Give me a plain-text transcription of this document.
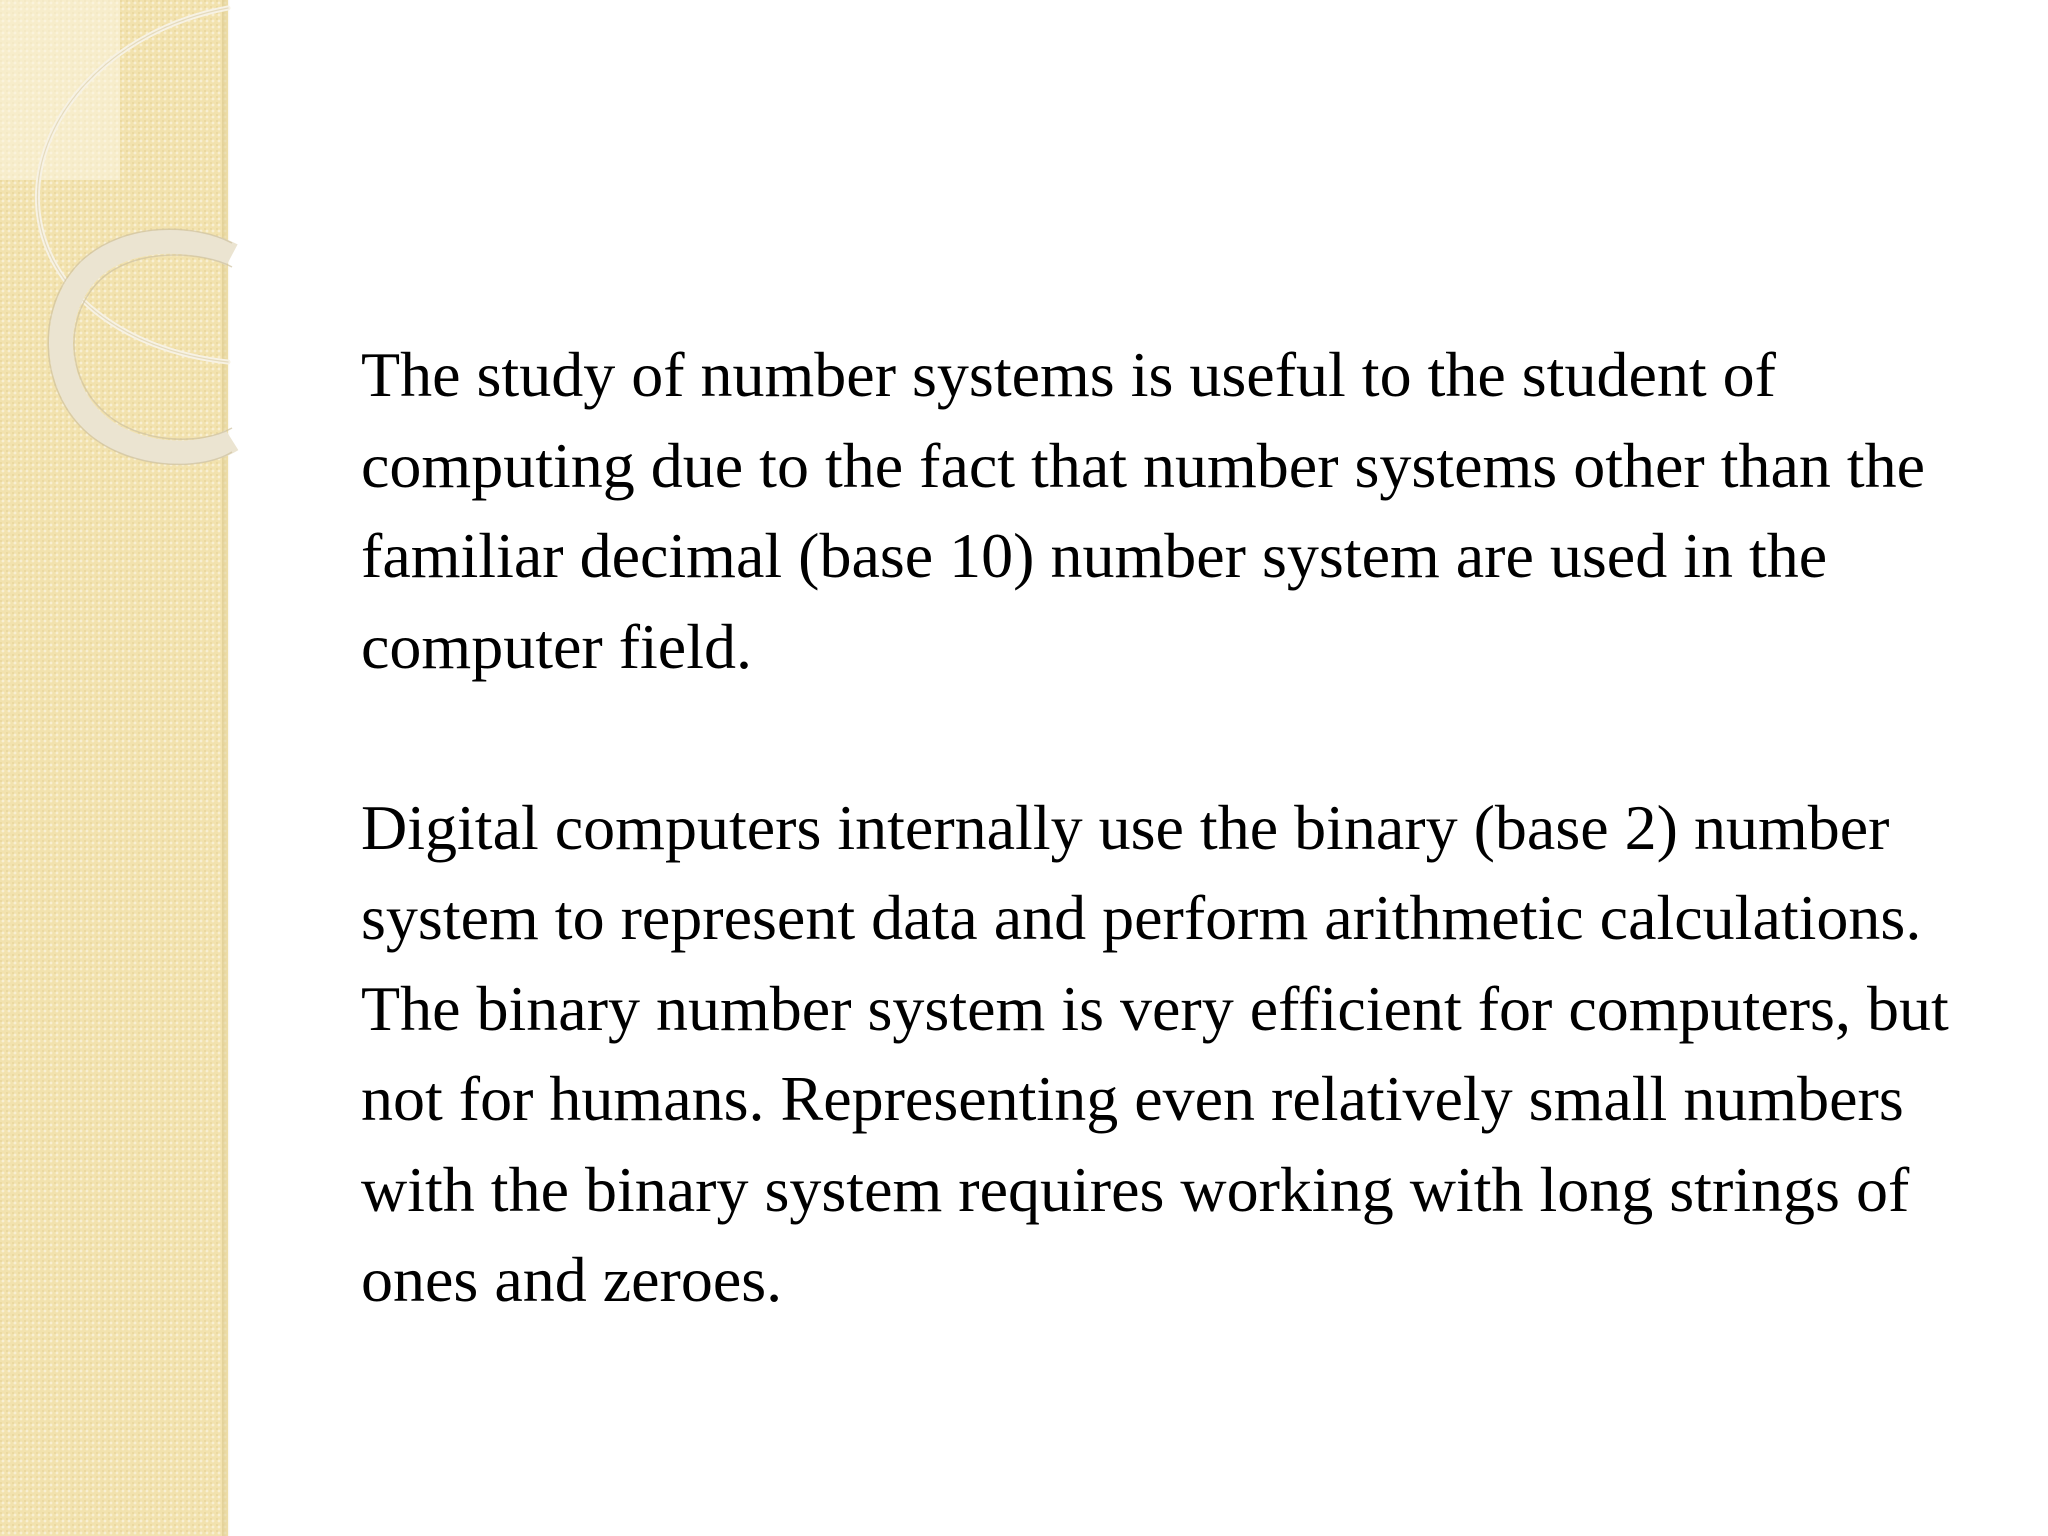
The study of number systems is useful to the student of computing due to the fact that number systems other than the familiar decimal (base 10) number system are used in the computer field.

Digital computers internally use the binary (base 2) number system to represent data and perform arithmetic calculations. The binary number system is very efficient for computers, but not for humans. Representing even relatively small numbers with the binary system requires working with long strings of ones and zeroes.
